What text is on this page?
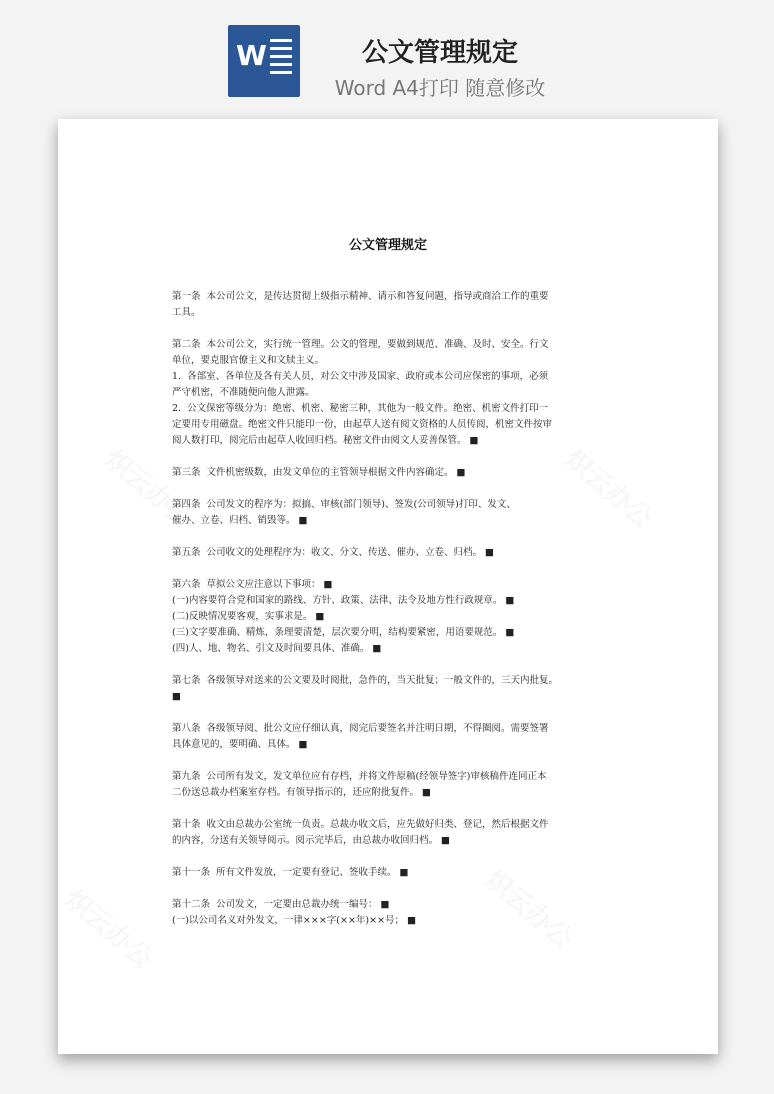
W	公文管理规定
Word A4打印 随意修改
公文管理规定
第一条  本公司公文，是传达贯彻上级指示精神、请示和答复问题，指导或商洽工作的重要
工具。
第二条  本公司公文，实行统一管理。公文的管理，要做到规范、准确、及时、安全。行文
单位，要克服官僚主义和文牍主义。
1.  各部室、各单位及各有关人员，对公文中涉及国家、政府或本公司应保密的事项，必须
严守机密，不准随便向他人泄露。
2.  公文保密等级分为：绝密、机密、秘密三种，其他为一般文件。绝密、机密文件打印一
定要用专用磁盘。绝密文件只能印一份，由起草人送有阅文资格的人员传阅，机密文件按审
阅人数打印，阅完后由起草人收回归档。秘密文件由阅文人妥善保管。 ■
第三条  文件机密级数，由发文单位的主管领导根据文件内容确定。 ■
第四条  公司发文的程序为：拟搞、审核(部门领导)、签发(公司领导)打印、发文、
催办、立卷、归档、销毁等。 ■
第五条  公司收文的处理程序为：收文、分文、传送、催办、立卷、归档。 ■
第六条  草拟公文应注意以下事项： ■
(一)内容要符合党和国家的路线、方针、政策、法律、法令及地方性行政规章。 ■
(二)反映情况要客观，实事求是。 ■
(三)文字要准确、精炼，条理要清楚，层次要分明，结构要紧密，用语要规范。 ■
(四)人、地、物名、引文及时间要具体、准确。 ■
第七条  各级领导对送来的公文要及时阅批，急件的，当天批复；一般文件的，三天内批复。
■
第八条  各级领导阅、批公文应仔细认真，阅完后要签名并注明日期，不得圈阅。需要签署
具体意见的，要明确、具体。 ■
第九条  公司所有发文，发文单位应有存档，并将文件原稿(经领导签字)审核稿件连同正本
二份送总裁办档案室存档。有领导指示的，还应附批复件。 ■
第十条  收文由总裁办公室统一负责。总裁办收文后，应先做好归类、登记，然后根据文件
的内容，分送有关领导阅示。阅示完毕后，由总裁办收回归档。 ■
第十一条  所有文件发放，一定要有登记、签收手续。 ■
第十二条  公司发文，一定要由总裁办统一编号： ■
(一)以公司名义对外发文，一律×××字(××年)××号； ■
